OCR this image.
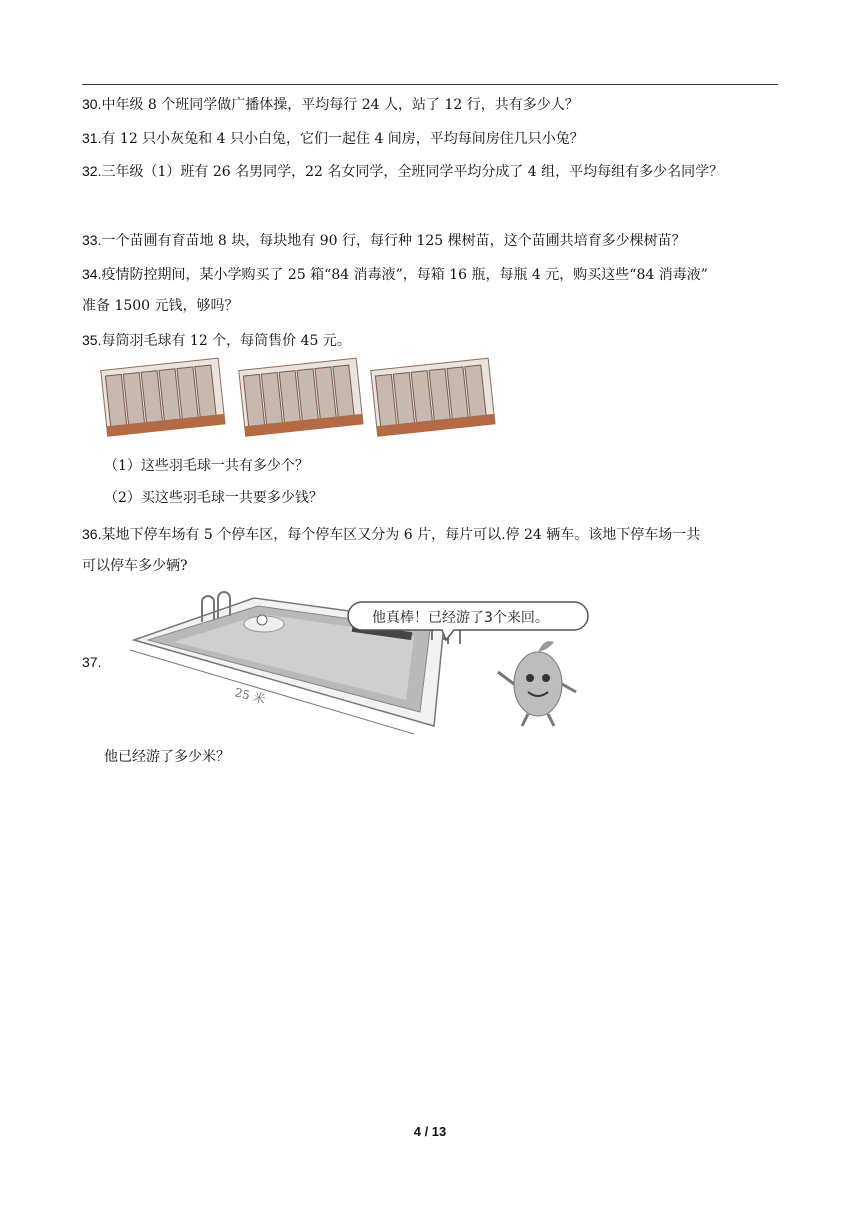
30.中年级 8 个班同学做广播体操，平均每行 24 人，站了 12 行，共有多少人？
31.有 12 只小灰兔和 4 只小白兔，它们一起住 4 间房，平均每间房住几只小兔？
32.三年级（1）班有 26 名男同学，22 名女同学，全班同学平均分成了 4 组，平均每组有多少名同学？
33.一个苗圃有育苗地 8 块，每块地有 90 行，每行种 125 棵树苗，这个苗圃共培育多少棵树苗？
34.疫情防控期间，某小学购买了 25 箱“84 消毒液”，每箱 16 瓶，每瓶 4 元，购买这些“84 消毒液”
准备 1500 元钱，够吗？
35.每筒羽毛球有 12 个，每筒售价 45 元。
（1）这些羽毛球一共有多少个？
（2）买这些羽毛球一共要多少钱？
36.某地下停车场有 5 个停车区，每个停车区又分为 6 片，每片可以.停 24 辆车。该地下停车场一共
可以停车多少辆?
37.
25 米
他真棒！已经游了3个来回。
他已经游了多少米？
4 / 13
